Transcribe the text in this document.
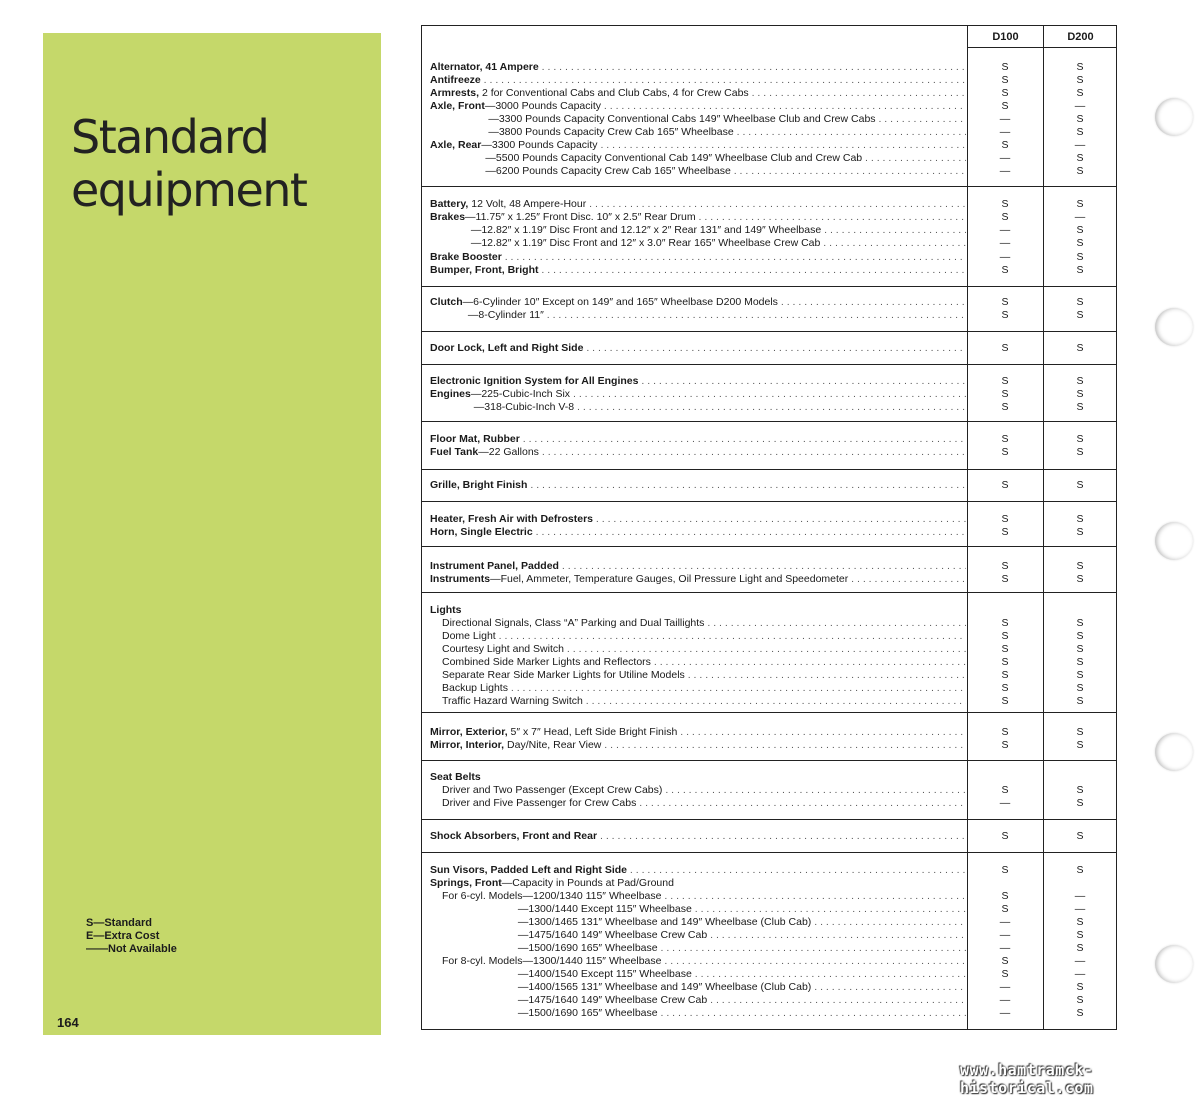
Standard
equipment
S—Standard
E—Extra Cost
——Not Available
164
D100	D200
Alternator, 41 Ampere . . .	S	S
Antifreeze . . .	S	S
Armrests, 2 for Conventional Cabs and Club Cabs, 4 for Crew Cabs . . .	S	S
Axle, Front—3000 Pounds Capacity . . .	S	—
—3300 Pounds Capacity Conventional Cabs 149″ Wheelbase Club and Crew Cabs . . .	—	S
—3800 Pounds Capacity Crew Cab 165″ Wheelbase . . .	—	S
Axle, Rear—3300 Pounds Capacity . . .	S	—
—5500 Pounds Capacity Conventional Cab 149″ Wheelbase Club and Crew Cab . . .	—	S
—6200 Pounds Capacity Crew Cab 165″ Wheelbase . . .	—	S
Battery, 12 Volt, 48 Ampere-Hour . . .	S	S
Brakes—11.75″ x 1.25″ Front Disc. 10″ x 2.5″ Rear Drum . . .	S	—
—12.82″ x 1.19″ Disc Front and 12.12″ x 2″ Rear 131″ and 149″ Wheelbase . . .	—	S
—12.82″ x 1.19″ Disc Front and 12″ x 3.0″ Rear 165″ Wheelbase Crew Cab . . .	—	S
Brake Booster . . .	—	S
Bumper, Front, Bright . . .	S	S
Clutch—6-Cylinder 10″ Except on 149″ and 165″ Wheelbase D200 Models . . .	S	S
—8-Cylinder 11″ . . .	S	S
Door Lock, Left and Right Side . . .	S	S
Electronic Ignition System for All Engines . . .	S	S
Engines—225-Cubic-Inch Six . . .	S	S
—318-Cubic-Inch V-8 . . .	S	S
Floor Mat, Rubber . . .	S	S
Fuel Tank—22 Gallons . . .	S	S
Grille, Bright Finish . . .	S	S
Heater, Fresh Air with Defrosters . . .	S	S
Horn, Single Electric . . .	S	S
Instrument Panel, Padded . . .	S	S
Instruments—Fuel, Ammeter, Temperature Gauges, Oil Pressure Light and Speedometer . . .	S	S
Lights
Directional Signals, Class “A” Parking and Dual Taillights . . .	S	S
Dome Light . . .	S	S
Courtesy Light and Switch . . .	S	S
Combined Side Marker Lights and Reflectors . . .	S	S
Separate Rear Side Marker Lights for Utiline Models . . .	S	S
Backup Lights . . .	S	S
Traffic Hazard Warning Switch . . .	S	S
Mirror, Exterior, 5″ x 7″ Head, Left Side Bright Finish . . .	S	S
Mirror, Interior, Day/Nite, Rear View . . .	S	S
Seat Belts
Driver and Two Passenger (Except Crew Cabs) . . .	S	S
Driver and Five Passenger for Crew Cabs . . .	—	S
Shock Absorbers, Front and Rear . . .	S	S
Sun Visors, Padded Left and Right Side . . .	S	S
Springs, Front—Capacity in Pounds at Pad/Ground
For 6-cyl. Models—1200/1340 115″ Wheelbase . . .	S	—
—1300/1440 Except 115″ Wheelbase . . .	S	—
—1300/1465 131″ Wheelbase and 149″ Wheelbase (Club Cab) . . .	—	S
—1475/1640 149″ Wheelbase Crew Cab . . .	—	S
—1500/1690 165″ Wheelbase . . .	—	S
For 8-cyl. Models—1300/1440 115″ Wheelbase . . .	S	—
—1400/1540 Except 115″ Wheelbase . . .	S	—
—1400/1565 131″ Wheelbase and 149″ Wheelbase (Club Cab) . . .	—	S
—1475/1640 149″ Wheelbase Crew Cab . . .	—	S
—1500/1690 165″ Wheelbase . . .	—	S
www.hamtramck-historical.com
